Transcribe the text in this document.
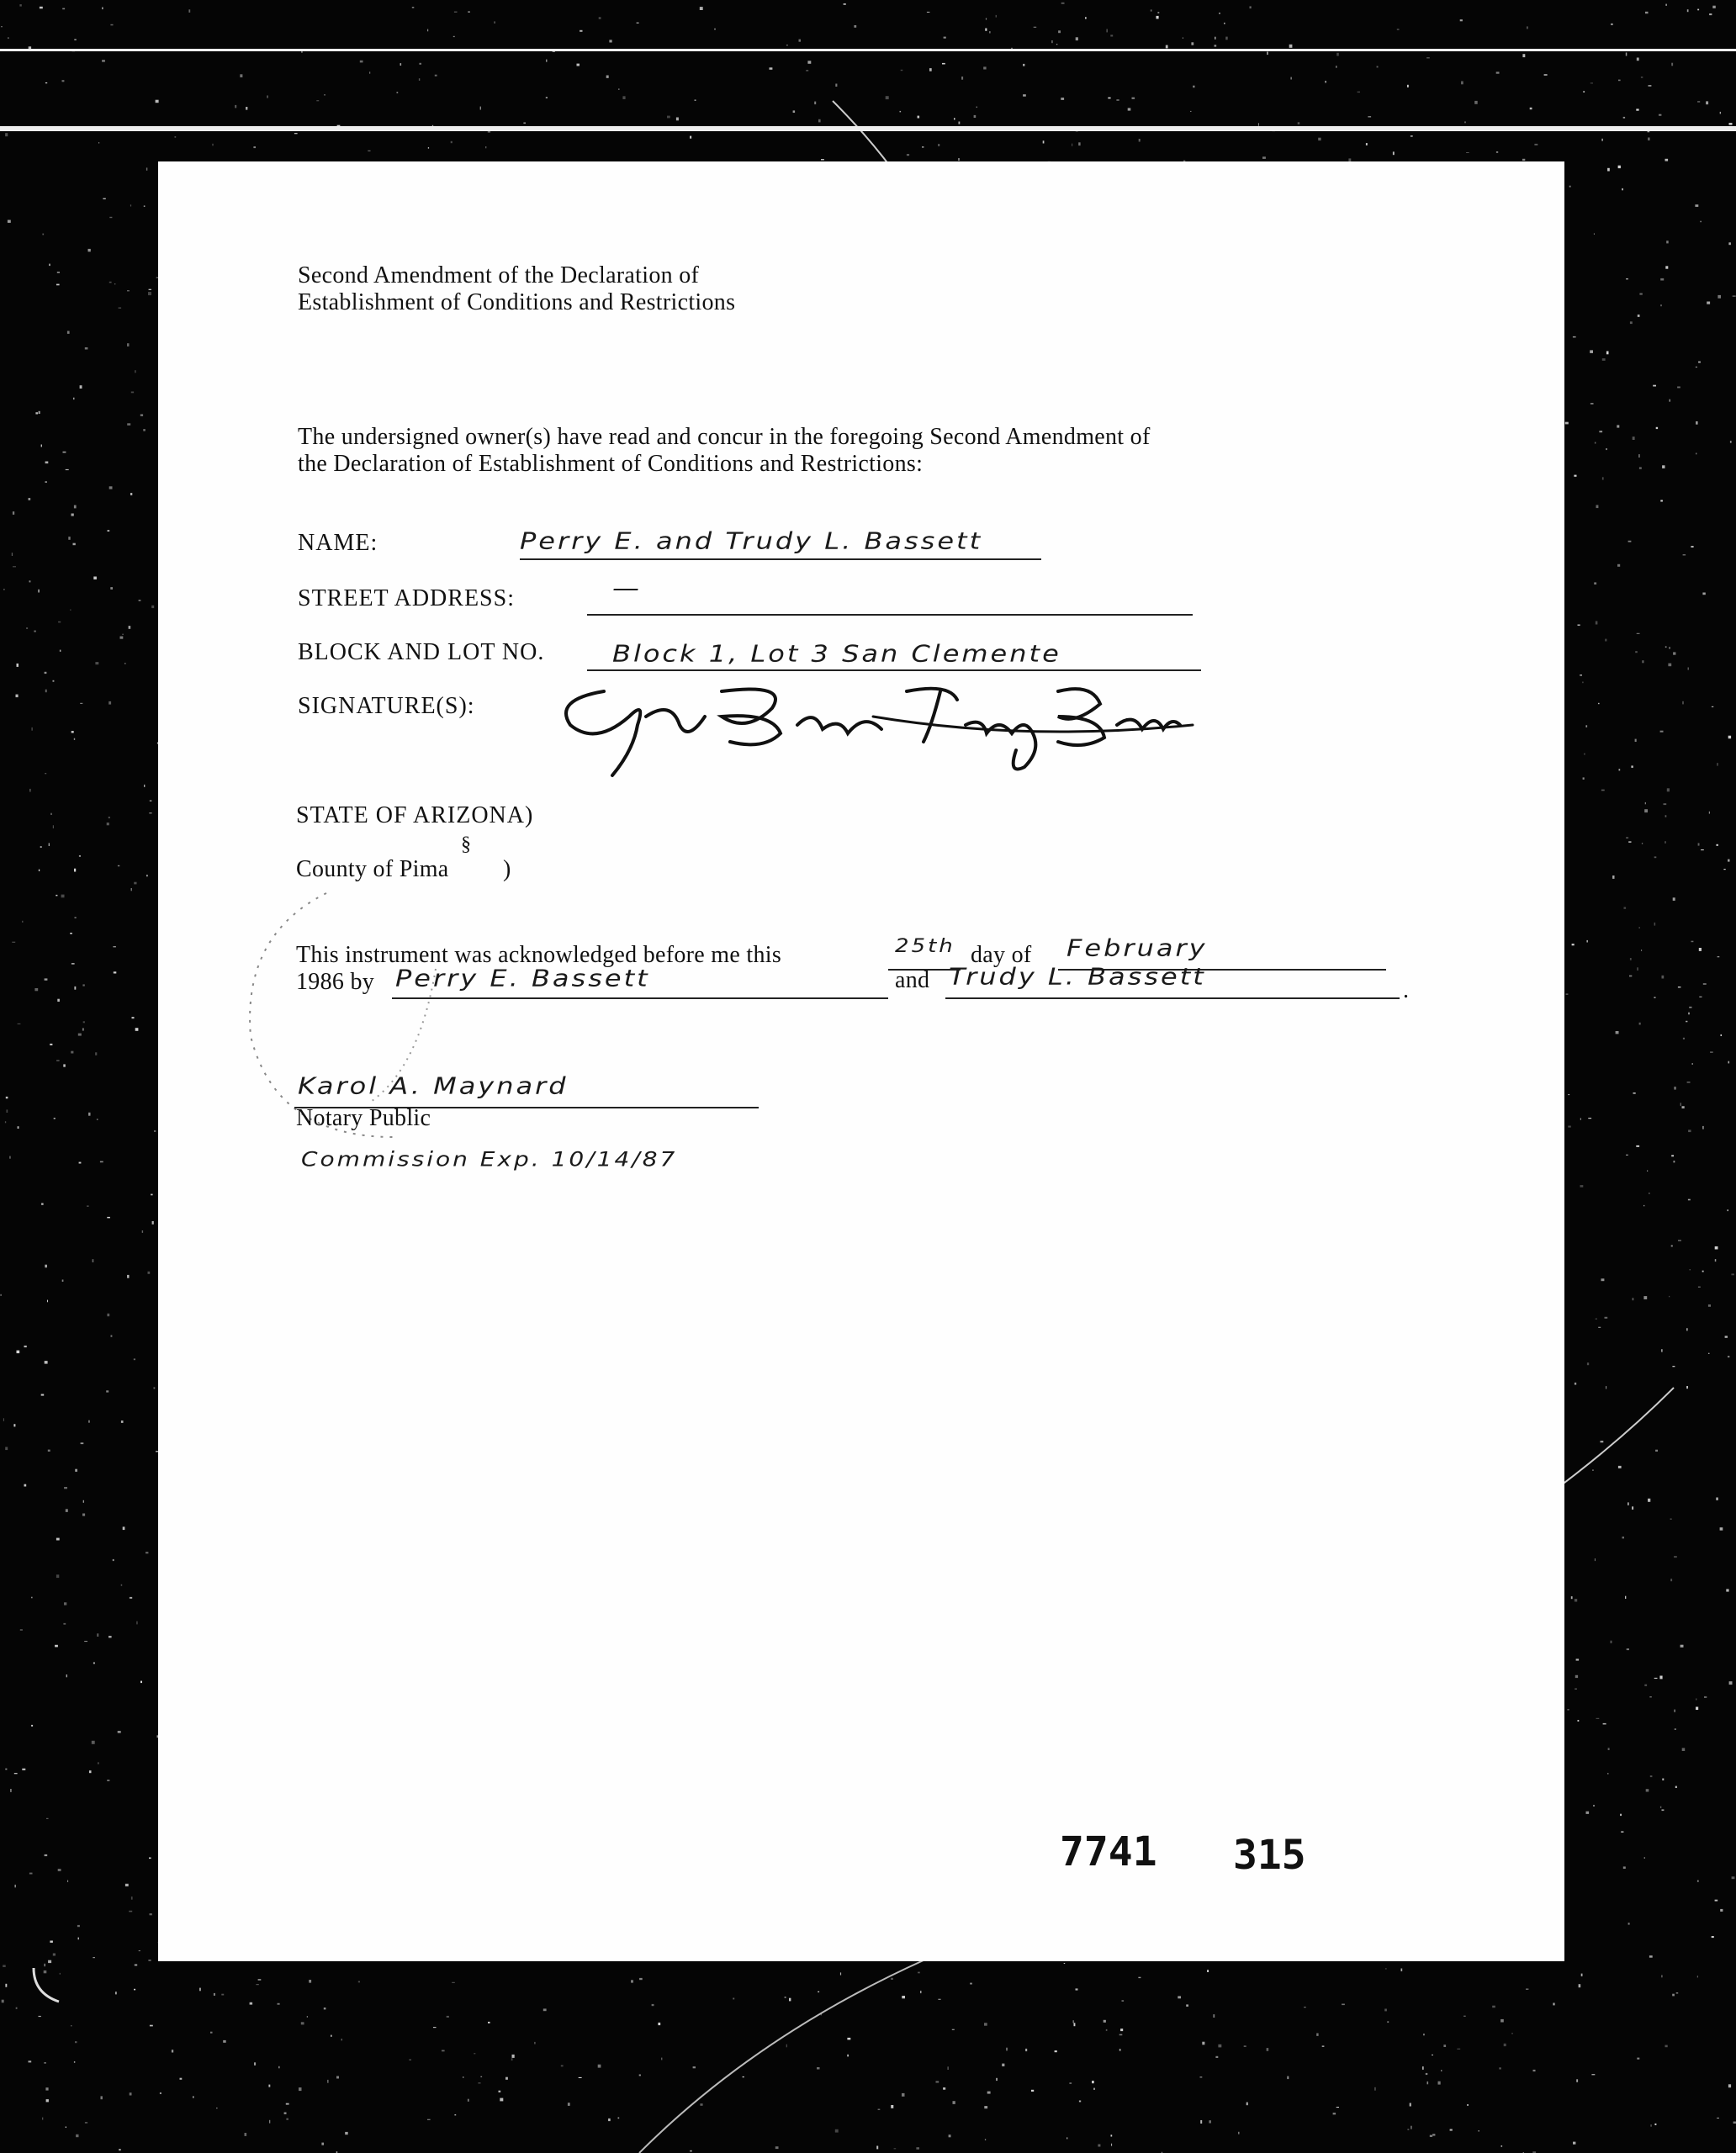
Second Amendment of the Declaration of
Establishment of Conditions and Restrictions
The undersigned owner(s) have read and concur in the foregoing Second Amendment of
the Declaration of Establishment of Conditions and Restrictions:
NAME:	Perry E. and Trudy L. Bassett
STREET ADDRESS:	—
BLOCK AND LOT NO.	Block 1, Lot 3 San Clemente
SIGNATURE(S):
STATE OF ARIZONA)
§
County of Pima )
This instrument was acknowledged before me this	25th day of February
1986 by Perry E. Bassett	and Trudy L. Bassett
.
Karol A. Maynard
Notary Public
Commission Exp. 10/14/87
7741 315
